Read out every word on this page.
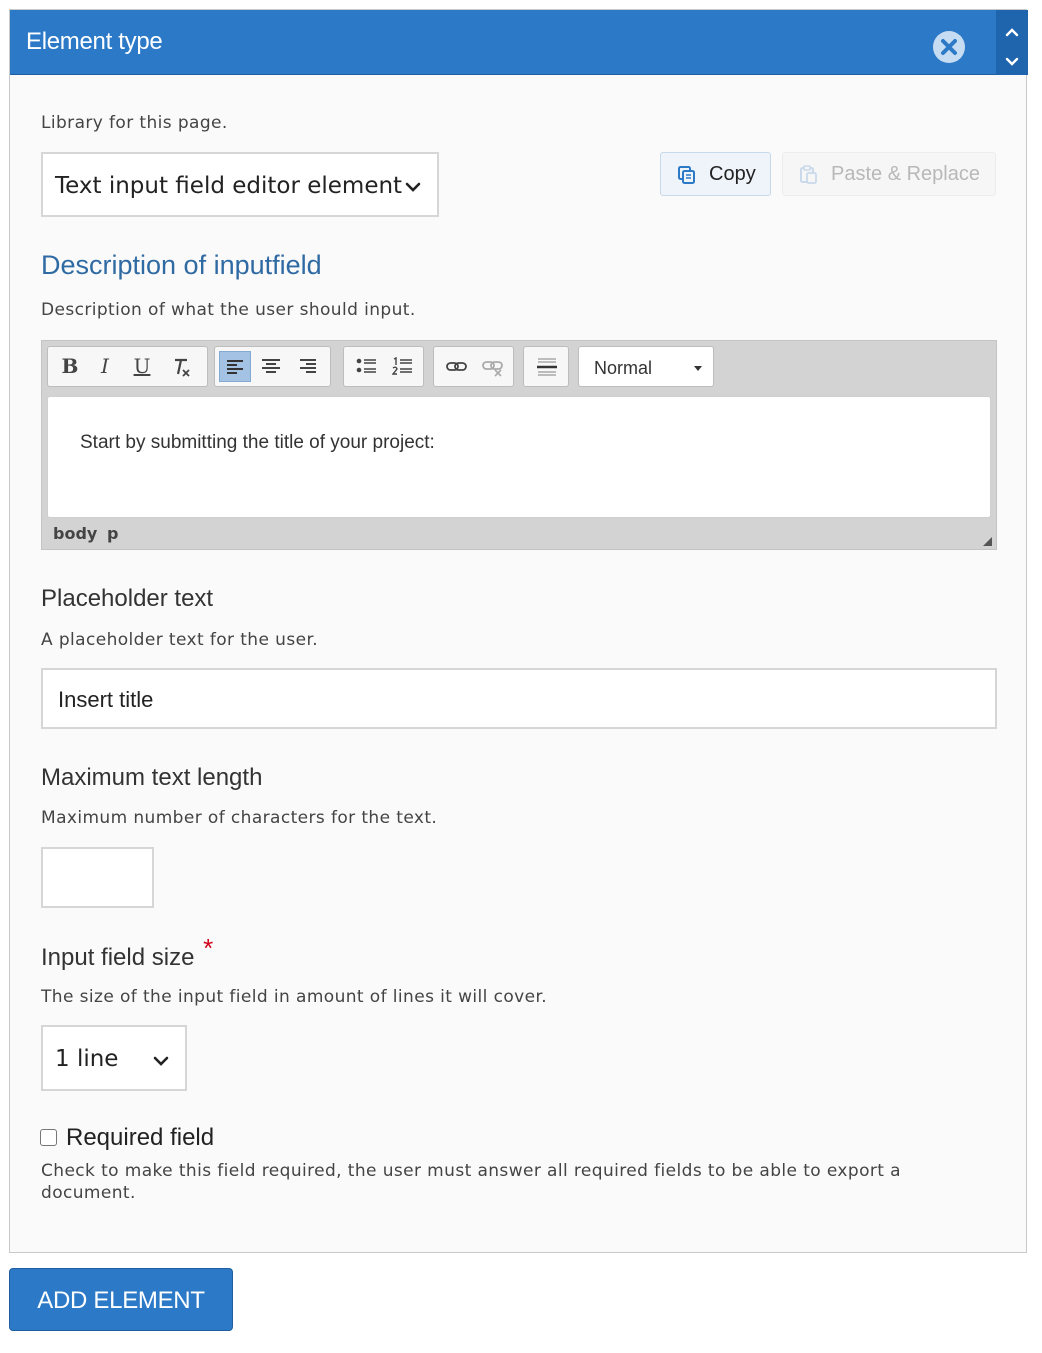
Element type
Library for this page.
Text input field editor element	Copy	Paste & Replace
Description of inputfield
Description of what the user should input.
B	I	U	Normal
Start by submitting the title of your project:
body p
Placeholder text
A placeholder text for the user.
Insert title
Maximum text length
Maximum number of characters for the text.
Input field size *
The size of the input field in amount of lines it will cover.
1 line
Required field
Check to make this field required, the user must answer all required fields to be able to export a document.
ADD ELEMENT
